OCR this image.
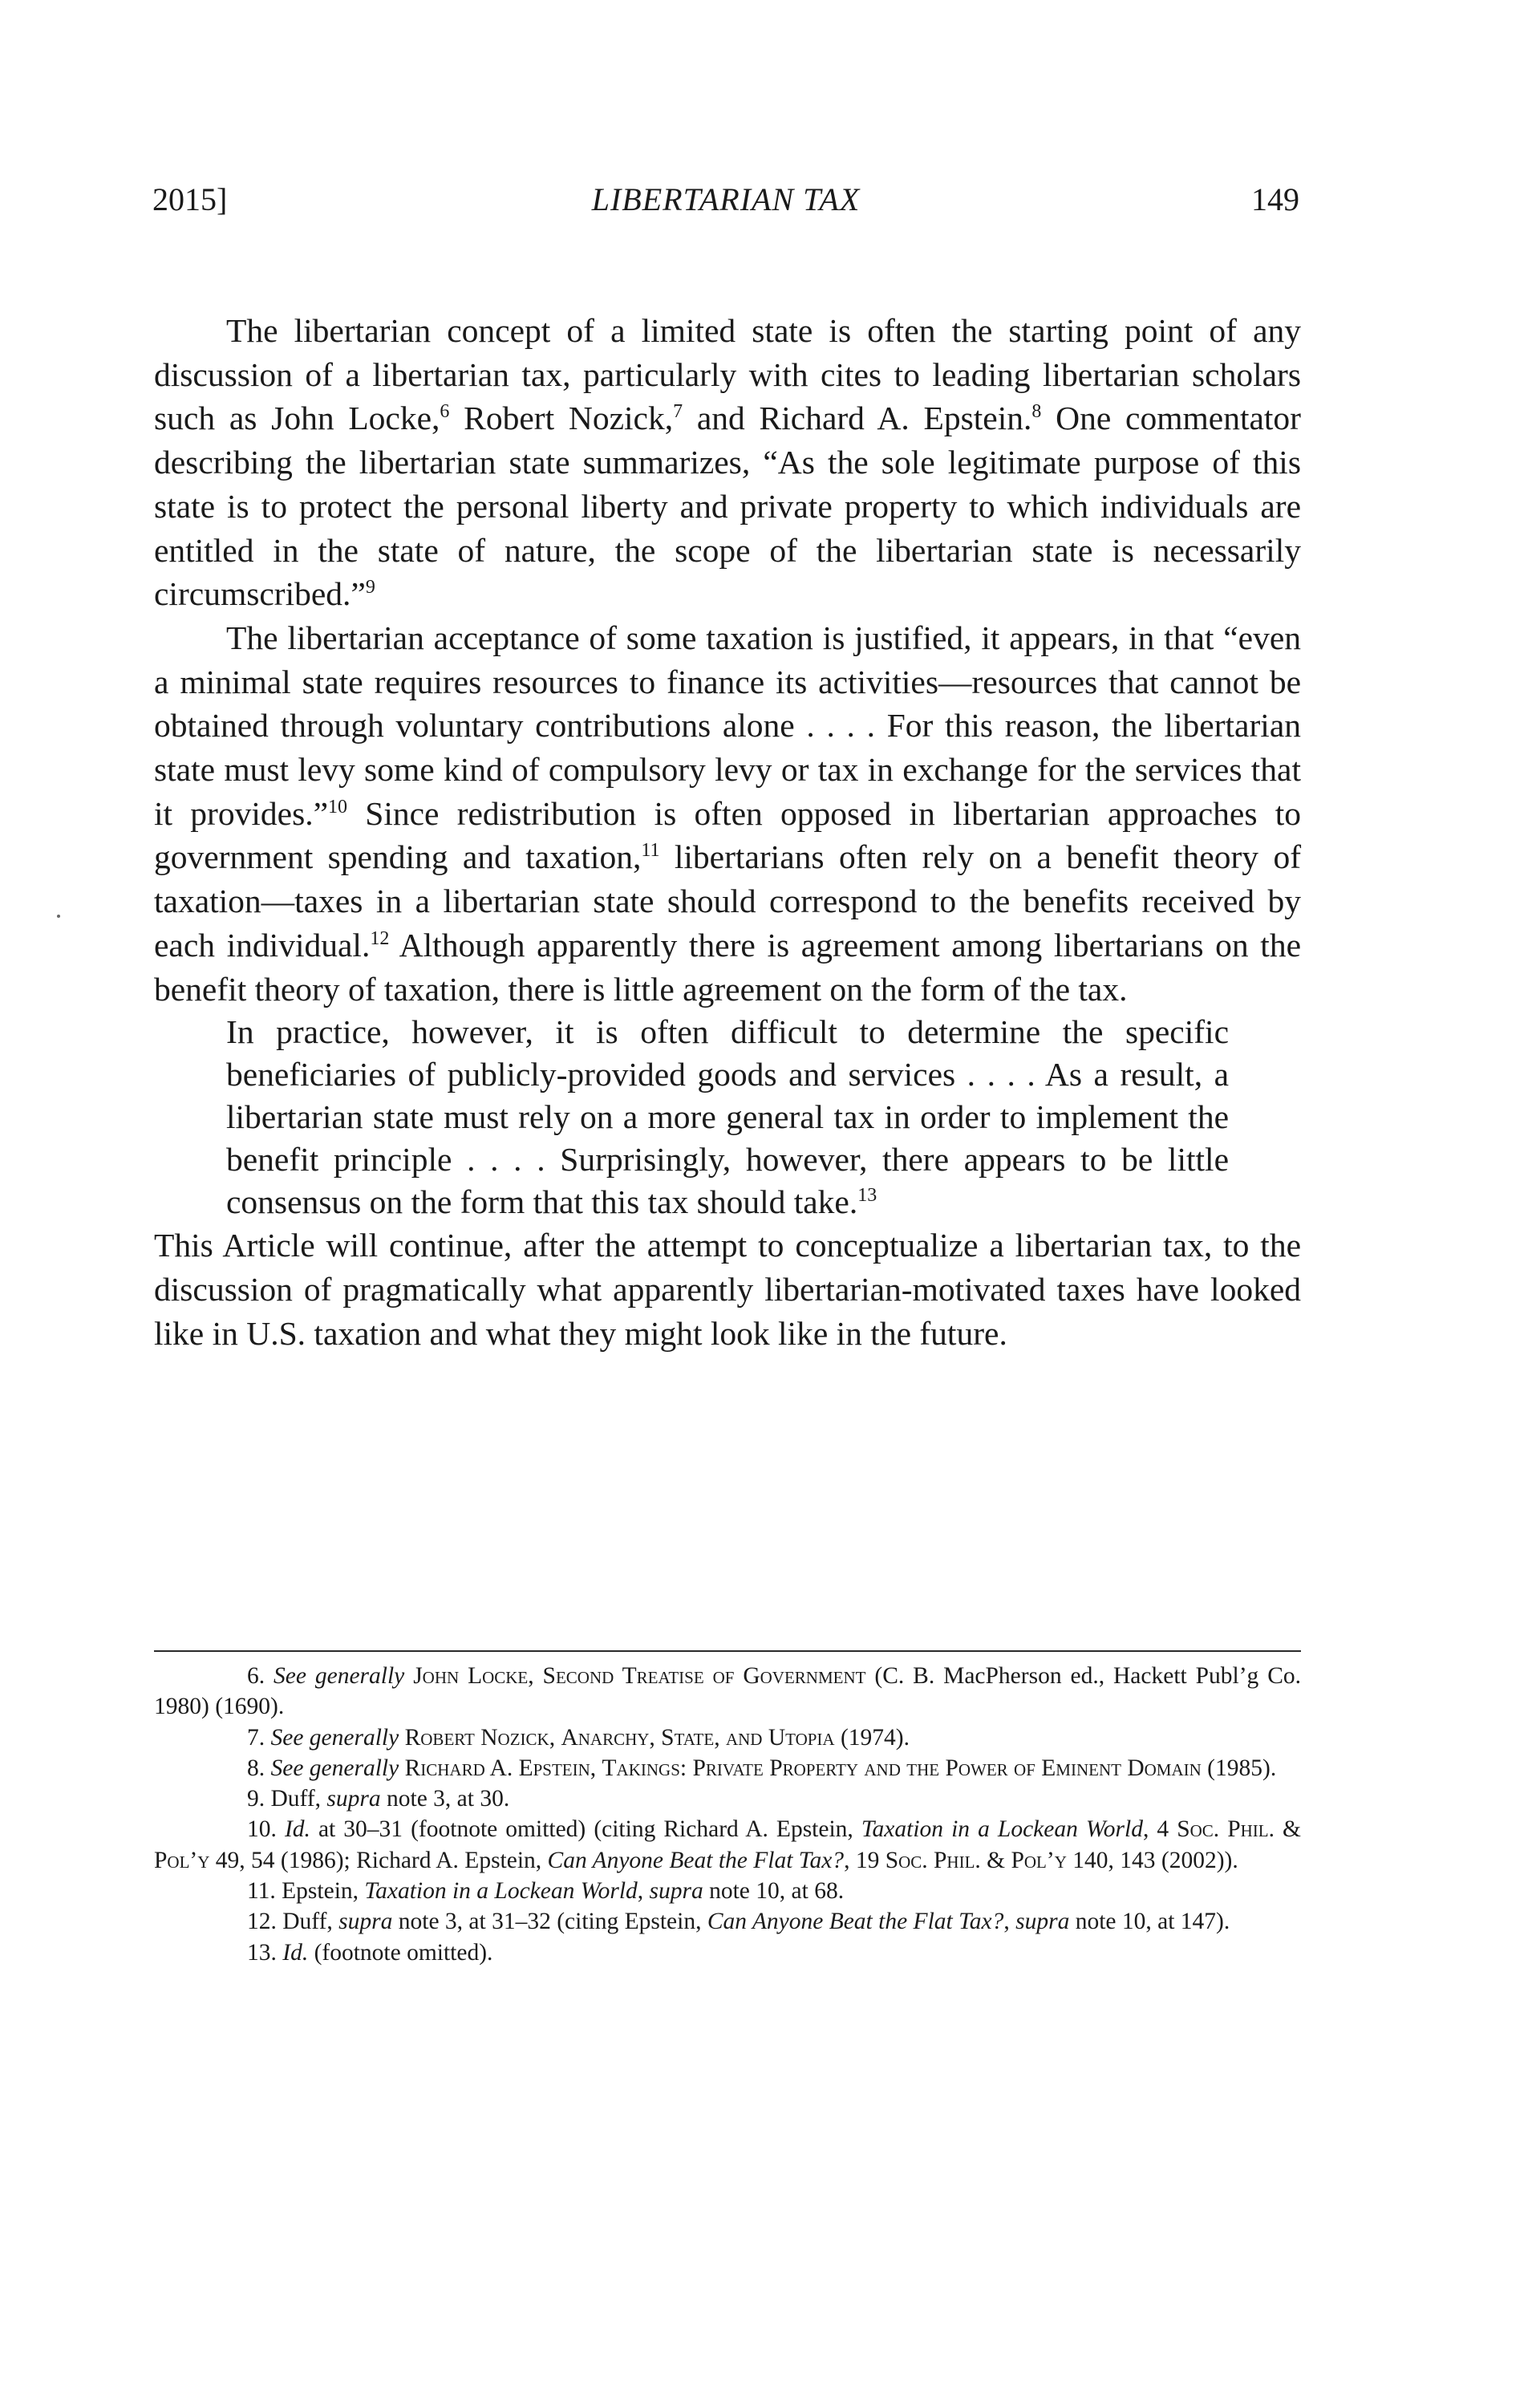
2015]	LIBERTARIAN TAX	149

The libertarian concept of a limited state is often the starting point of any discussion of a libertarian tax, particularly with cites to leading libertarian scholars such as John Locke,$^6$ Robert Nozick,$^7$ and Richard A. Epstein.$^8$ One commentator describing the libertarian state summarizes, “As the sole legitimate purpose of this state is to protect the personal liberty and private property to which individuals are entitled in the state of nature, the scope of the libertarian state is necessarily circumscribed.”$^9$

The libertarian acceptance of some taxation is justified, it appears, in that “even a minimal state requires resources to finance its activities—resources that cannot be obtained through voluntary contributions alone . . . . For this reason, the libertarian state must levy some kind of compulsory levy or tax in exchange for the services that it provides.”$^{10}$ Since redistribution is often opposed in libertarian approaches to government spending and taxation,$^{11}$ libertarians often rely on a benefit theory of taxation—taxes in a libertarian state should correspond to the benefits received by each individual.$^{12}$ Although apparently there is agreement among libertarians on the benefit theory of taxation, there is little agreement on the form of the tax.

In practice, however, it is often difficult to determine the specific beneficiaries of publicly-provided goods and services . . . . As a result, a libertarian state must rely on a more general tax in order to implement the benefit principle . . . . Surprisingly, however, there appears to be little consensus on the form that this tax should take.$^{13}$

This Article will continue, after the attempt to conceptualize a libertarian tax, to the discussion of pragmatically what apparently libertarian-motivated taxes have looked like in U.S. taxation and what they might look like in the future.

6. See generally John Locke, Second Treatise of Government (C. B. MacPherson ed., Hackett Publ’g Co. 1980) (1690).

7. See generally Robert Nozick, Anarchy, State, and Utopia (1974).

8. See generally Richard A. Epstein, Takings: Private Property and the Power of Eminent Domain (1985).

9. Duff, supra note 3, at 30.

10. Id. at 30–31 (footnote omitted) (citing Richard A. Epstein, Taxation in a Lockean World, 4 Soc. Phil. & Pol’y 49, 54 (1986); Richard A. Epstein, Can Anyone Beat the Flat Tax?, 19 Soc. Phil. & Pol’y 140, 143 (2002)).

11. Epstein, Taxation in a Lockean World, supra note 10, at 68.

12. Duff, supra note 3, at 31–32 (citing Epstein, Can Anyone Beat the Flat Tax?, supra note 10, at 147).

13. Id. (footnote omitted).
